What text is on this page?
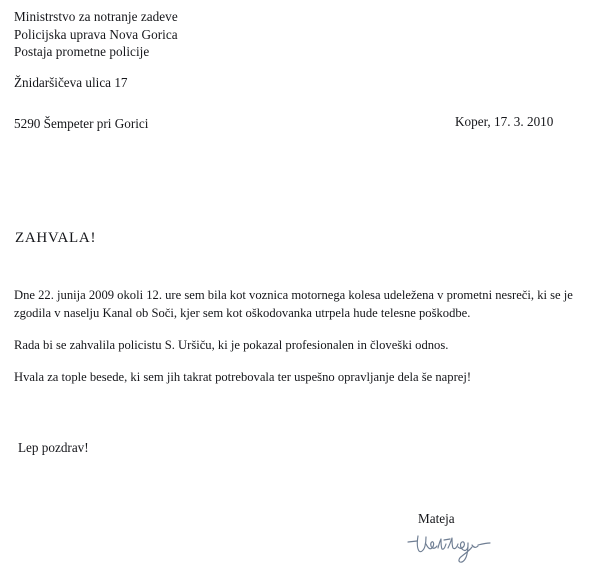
Ministrstvo za notranje zadeve
Policijska uprava Nova Gorica
Postaja prometne policije
Žnidaršičeva ulica 17
5290 Šempeter pri Gorici	Koper, 17. 3. 2010
ZAHVALA!

Dne 22. junija 2009 okoli 12. ure sem bila kot voznica motornega kolesa udeležena v prometni nesreči, ki se je zgodila v naselju Kanal ob Soči, kjer sem kot oškodovanka utrpela hude telesne poškodbe.

Rada bi se zahvalila policistu S. Uršiču, ki je pokazal profesionalen in človeški odnos.

Hvala za tople besede, ki sem jih takrat potrebovala ter uspešno opravljanje dela še naprej!

Lep pozdrav!
Mateja
